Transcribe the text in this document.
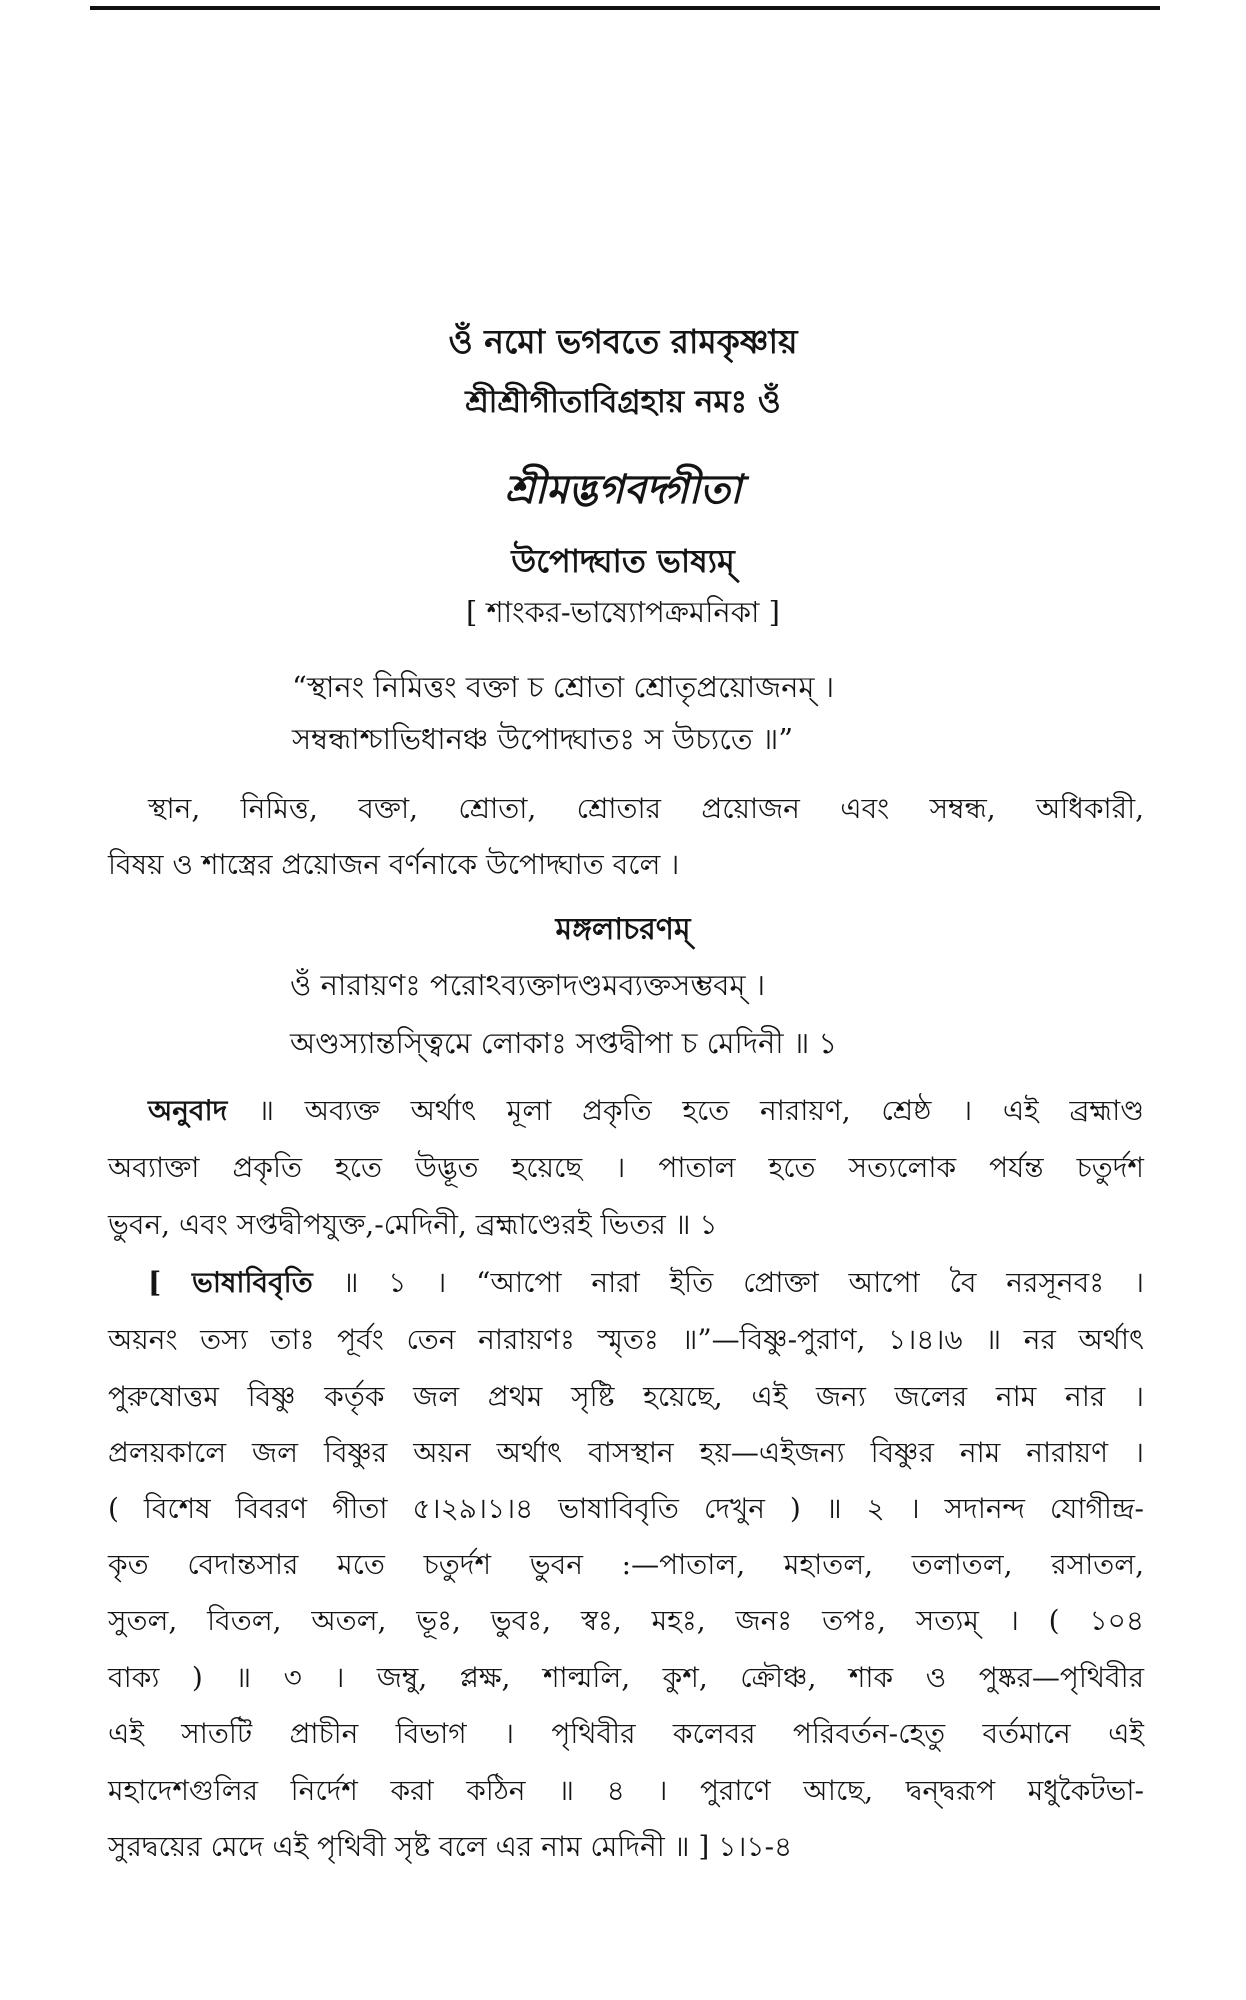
ওঁ নমো ভগবতে রামকৃষ্ণায়
শ্রীশ্রীগীতাবিগ্রহায় নমঃ ওঁ
শ্রীমদ্ভগবদ্গীতা
উপোদ্ঘাত ভাষ্যম্
[ শাংকর-ভাষ্যোপক্রমনিকা ]
“স্থানং নিমিত্তং বক্তা চ শ্রোতা শ্রোতৃপ্রয়োজনম্ ।
সম্বন্ধাশ্চাভিধানঞ্চ উপোদ্ঘাতঃ স উচ্যতে ॥”
স্থান, নিমিত্ত, বক্তা, শ্রোতা, শ্রোতার প্রয়োজন এবং সম্বন্ধ, অধিকারী,
বিষয় ও শাস্ত্রের প্রয়োজন বর্ণনাকে উপোদ্ঘাত বলে ।
মঙ্গলাচরণম্
ওঁ নারায়ণঃ পরোঽব্যক্তাদণ্ডমব্যক্তসম্ভবম্ ।
অণ্ডস্যান্তস্ত্বিমে লোকাঃ সপ্তদ্বীপা চ মেদিনী ॥ ১
অনুবাদ ॥ অব্যক্ত অর্থাৎ মূলা প্রকৃতি হতে নারায়ণ, শ্রেষ্ঠ । এই ব্রহ্মাণ্ড
অব্যাক্তা প্রকৃতি হতে উদ্ভূত হয়েছে । পাতাল হতে সত্যলোক পর্যন্ত চতুর্দশ
ভুবন, এবং সপ্তদ্বীপযুক্ত,-মেদিনী, ব্রহ্মাণ্ডেরই ভিতর ॥ ১
[ ভাষাবিবৃতি ॥ ১ । “আপো নারা ইতি প্রোক্তা আপো বৈ নরসূনবঃ ।
অয়নং তস্য তাঃ পূর্বং তেন নারায়ণঃ স্মৃতঃ ॥”—বিষ্ণু-পুরাণ, ১।৪।৬ ॥ নর অর্থাৎ
পুরুষোত্তম বিষ্ণু কর্তৃক জল প্রথম সৃষ্টি হয়েছে, এই জন্য জলের নাম নার ।
প্রলয়কালে জল বিষ্ণুর অয়ন অর্থাৎ বাসস্থান হয়—এইজন্য বিষ্ণুর নাম নারায়ণ ।
( বিশেষ বিবরণ গীতা ৫।২৯।১।৪ ভাষাবিবৃতি দেখুন ) ॥ ২ । সদানন্দ যোগীন্দ্র-
কৃত বেদান্তসার মতে চতুর্দশ ভুবন :—পাতাল, মহাতল, তলাতল, রসাতল,
সুতল, বিতল, অতল, ভূঃ, ভুবঃ, স্বঃ, মহঃ, জনঃ তপঃ, সত্যম্ । ( ১০৪
বাক্য ) ॥ ৩ । জম্বু, প্লক্ষ, শাল্মলি, কুশ, ক্রৌঞ্চ, শাক ও পুষ্কর—পৃথিবীর
এই সাতটি প্রাচীন বিভাগ । পৃথিবীর কলেবর পরিবর্তন-হেতু বর্তমানে এই
মহাদেশগুলির নির্দেশ করা কঠিন ॥ ৪ । পুরাণে আছে, দ্বন্দ্বরূপ মধুকৈটভা-
সুরদ্বয়ের মেদে এই পৃথিবী সৃষ্ট বলে এর নাম মেদিনী ॥ ] ১।১-৪
